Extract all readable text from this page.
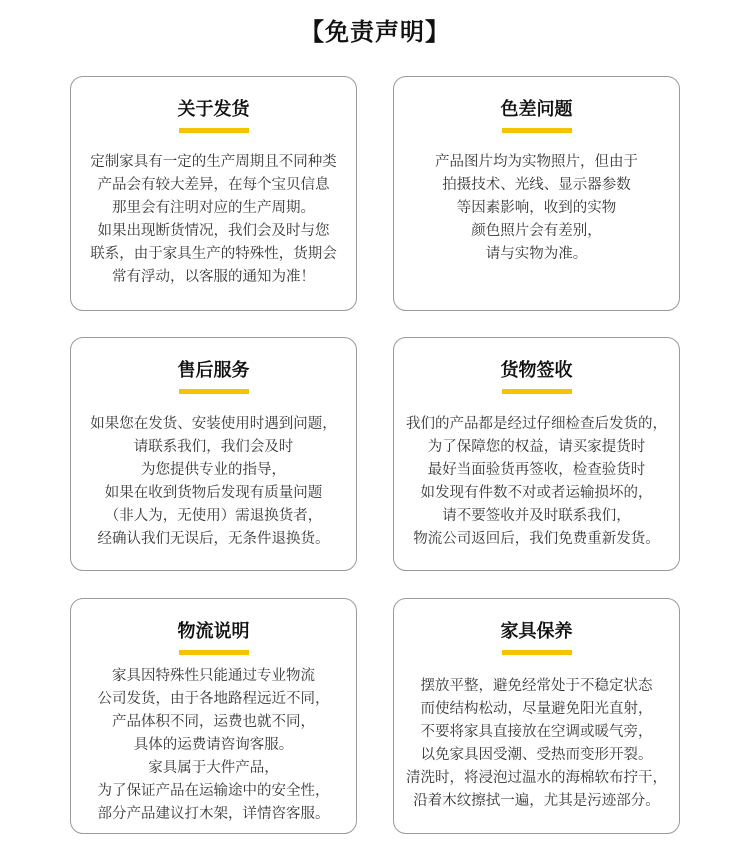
【免责声明】
关于发货
定制家具有一定的生产周期且不同种类
产品会有较大差异，在每个宝贝信息
那里会有注明对应的生产周期。
如果出现断货情况，我们会及时与您
联系，由于家具生产的特殊性，货期会
常有浮动，以客服的通知为准！
色差问题
产品图片均为实物照片，但由于
拍摄技术、光线、显示器参数
等因素影响，收到的实物
颜色照片会有差别，
请与实物为准。
售后服务
如果您在发货、安装使用时遇到问题，
请联系我们，我们会及时
为您提供专业的指导，
如果在收到货物后发现有质量问题
（非人为，无使用）需退换货者，
经确认我们无误后，无条件退换货。
货物签收
我们的产品都是经过仔细检查后发货的，
为了保障您的权益，请买家提货时
最好当面验货再签收，检查验货时
如发现有件数不对或者运输损坏的，
请不要签收并及时联系我们，
物流公司返回后，我们免费重新发货。
物流说明
家具因特殊性只能通过专业物流
公司发货，由于各地路程远近不同，
产品体积不同，运费也就不同，
具体的运费请咨询客服。
家具属于大件产品，
为了保证产品在运输途中的安全性，
部分产品建议打木架，详情咨客服。
家具保养
摆放平整，避免经常处于不稳定状态
而使结构松动，尽量避免阳光直射，
不要将家具直接放在空调或暖气旁，
以免家具因受潮、受热而变形开裂。
清洗时，将浸泡过温水的海棉软布拧干，
沿着木纹擦拭一遍，尤其是污迹部分。
